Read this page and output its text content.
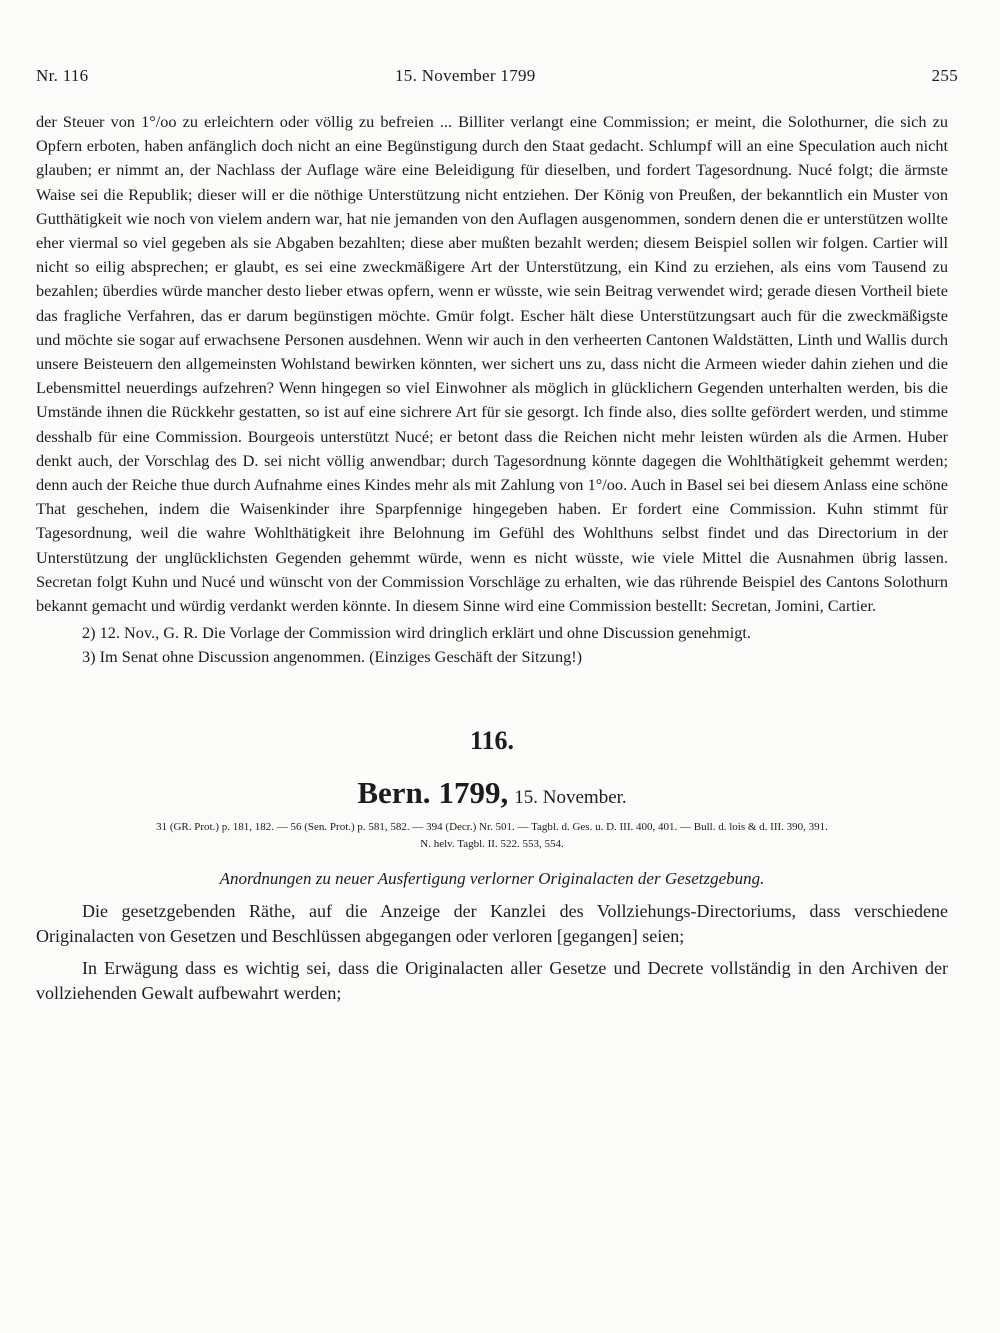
Nr. 116	15. November 1799	255

der Steuer von 1°/oo zu erleichtern oder völlig zu befreien ... Billiter verlangt eine Commission; er meint, die Solothurner, die sich zu Opfern erboten, haben anfänglich doch nicht an eine Begünstigung durch den Staat gedacht. Schlumpf will an eine Speculation auch nicht glauben; er nimmt an, der Nachlass der Auflage wäre eine Beleidigung für dieselben, und fordert Tagesordnung. Nucé folgt; die ärmste Waise sei die Republik; dieser will er die nöthige Unterstützung nicht entziehen. Der König von Preußen, der bekanntlich ein Muster von Gutthätigkeit wie noch von vielem andern war, hat nie jemanden von den Auflagen ausgenommen, sondern denen die er unterstützen wollte eher viermal so viel gegeben als sie Abgaben bezahlten; diese aber mußten bezahlt werden; diesem Beispiel sollen wir folgen. Cartier will nicht so eilig absprechen; er glaubt, es sei eine zweckmäßigere Art der Unterstützung, ein Kind zu erziehen, als eins vom Tausend zu bezahlen; überdies würde mancher desto lieber etwas opfern, wenn er wüsste, wie sein Beitrag verwendet wird; gerade diesen Vortheil biete das fragliche Verfahren, das er darum begünstigen möchte. Gmür folgt. Escher hält diese Unterstützungsart auch für die zweckmäßigste und möchte sie sogar auf erwachsene Personen ausdehnen. Wenn wir auch in den verheerten Cantonen Waldstätten, Linth und Wallis durch unsere Beisteuern den allgemeinsten Wohlstand bewirken könnten, wer sichert uns zu, dass nicht die Armeen wieder dahin ziehen und die Lebensmittel neuerdings aufzehren? Wenn hingegen so viel Einwohner als möglich in glücklichern Gegenden unterhalten werden, bis die Umstände ihnen die Rückkehr gestatten, so ist auf eine sichrere Art für sie gesorgt. Ich finde also, dies sollte gefördert werden, und stimme desshalb für eine Commission. Bourgeois unterstützt Nucé; er betont dass die Reichen nicht mehr leisten würden als die Armen. Huber denkt auch, der Vorschlag des D. sei nicht völlig anwendbar; durch Tagesordnung könnte dagegen die Wohlthätigkeit gehemmt werden; denn auch der Reiche thue durch Aufnahme eines Kindes mehr als mit Zahlung von 1°/oo. Auch in Basel sei bei diesem Anlass eine schöne That geschehen, indem die Waisenkinder ihre Sparpfennige hingegeben haben. Er fordert eine Commission. Kuhn stimmt für Tagesordnung, weil die wahre Wohlthätigkeit ihre Belohnung im Gefühl des Wohlthuns selbst findet und das Directorium in der Unterstützung der unglücklichsten Gegenden gehemmt würde, wenn es nicht wüsste, wie viele Mittel die Ausnahmen übrig lassen. Secretan folgt Kuhn und Nucé und wünscht von der Commission Vorschläge zu erhalten, wie das rührende Beispiel des Cantons Solothurn bekannt gemacht und würdig verdankt werden könnte. In diesem Sinne wird eine Commission bestellt: Secretan, Jomini, Cartier.

2) 12. Nov., G. R. Die Vorlage der Commission wird dringlich erklärt und ohne Discussion genehmigt.

3) Im Senat ohne Discussion angenommen. (Einziges Geschäft der Sitzung!)

116.
Bern. 1799, 15. November.
31 (GR. Prot.) p. 181, 182. — 56 (Sen. Prot.) p. 581, 582. — 394 (Decr.) Nr. 501. — Tagbl. d. Ges. u. D. III. 400, 401. — Bull. d. lois & d. III. 390, 391.
N. helv. Tagbl. II. 522. 553, 554.
Anordnungen zu neuer Ausfertigung verlorner Originalacten der Gesetzgebung.

Die gesetzgebenden Räthe, auf die Anzeige der Kanzlei des Vollziehungs-Directoriums, dass verschiedene Originalacten von Gesetzen und Beschlüssen abgegangen oder verloren [gegangen] seien;

In Erwägung dass es wichtig sei, dass die Originalacten aller Gesetze und Decrete vollständig in den Archiven der vollziehenden Gewalt aufbewahrt werden;
